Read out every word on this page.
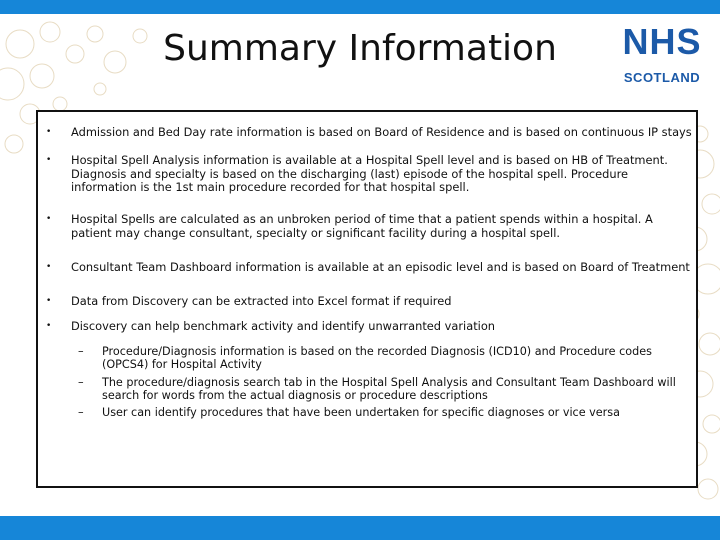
Summary Information	NHS
SCOTLAND
• Admission and Bed Day rate information is based on Board of Residence and is based on continuous IP stays
• Hospital Spell Analysis information is available at a Hospital Spell level and is based on HB of Treatment. Diagnosis and specialty is based on the discharging (last) episode of the hospital spell. Procedure information is the 1st main procedure recorded for that hospital spell.
• Hospital Spells are calculated as an unbroken period of time that a patient spends within a hospital. A patient may change consultant, specialty or significant facility during a hospital spell.
• Consultant Team Dashboard information is available at an episodic level and is based on Board of Treatment
• Data from Discovery can be extracted into Excel format if required
• Discovery can help benchmark activity and identify unwarranted variation
– Procedure/Diagnosis information is based on the recorded Diagnosis (ICD10) and Procedure codes (OPCS4) for Hospital Activity
– The procedure/diagnosis search tab in the Hospital Spell Analysis and Consultant Team Dashboard will search for words from the actual diagnosis or procedure descriptions
– User can identify procedures that have been undertaken for specific diagnoses or vice versa
